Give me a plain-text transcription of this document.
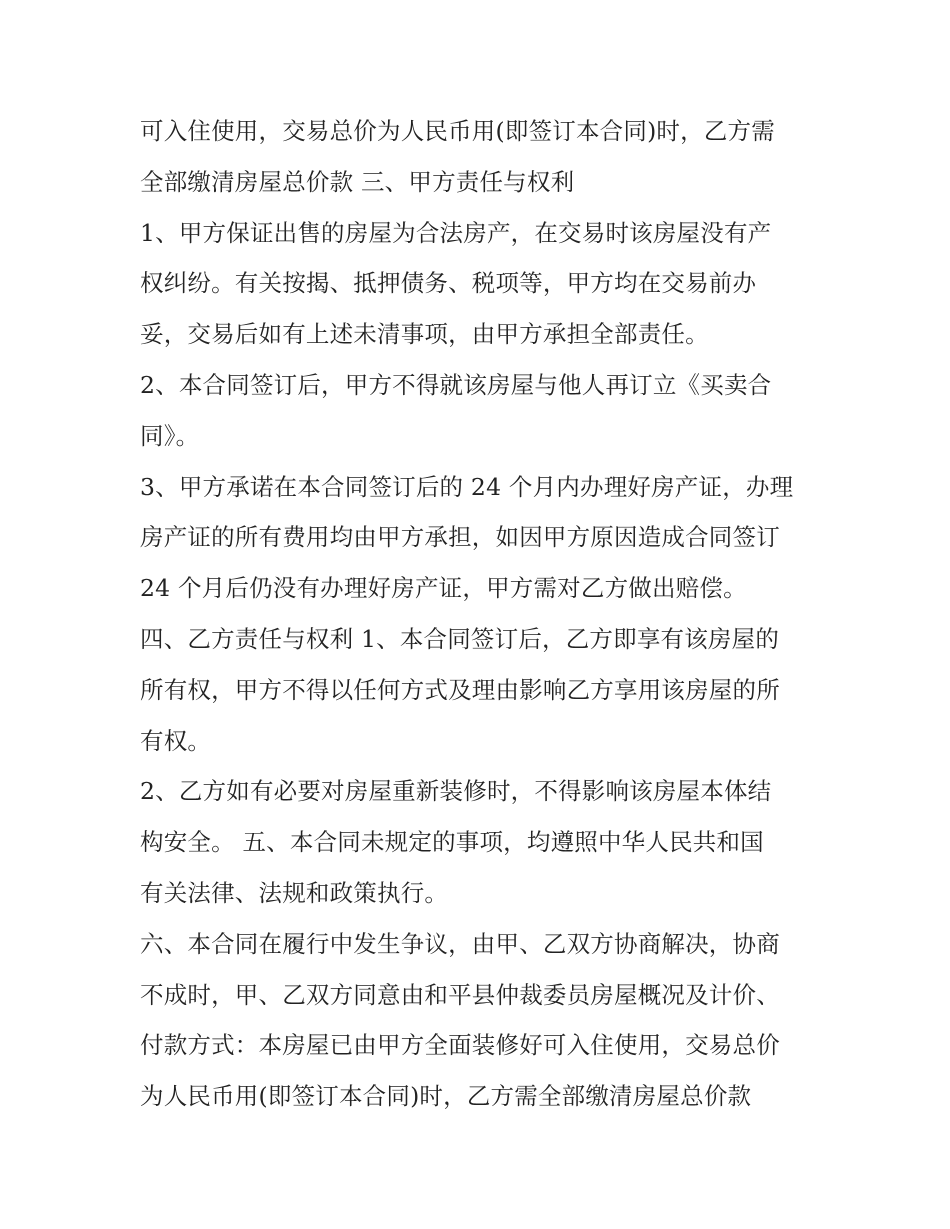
可入住使用，交易总价为人民币用(即签订本合同)时，乙方需
全部缴清房屋总价款 三、甲方责任与权利
1、甲方保证出售的房屋为合法房产，在交易时该房屋没有产
权纠纷。有关按揭、抵押债务、税项等，甲方均在交易前办
妥，交易后如有上述未清事项，由甲方承担全部责任。
2、本合同签订后，甲方不得就该房屋与他人再订立《买卖合
同》。
3、甲方承诺在本合同签订后的 24 个月内办理好房产证，办理
房产证的所有费用均由甲方承担，如因甲方原因造成合同签订
24 个月后仍没有办理好房产证，甲方需对乙方做出赔偿。
四、乙方责任与权利 1、本合同签订后，乙方即享有该房屋的
所有权，甲方不得以任何方式及理由影响乙方享用该房屋的所
有权。
2、乙方如有必要对房屋重新装修时，不得影响该房屋本体结
构安全。 五、本合同未规定的事项，均遵照中华人民共和国
有关法律、法规和政策执行。
六、本合同在履行中发生争议，由甲、乙双方协商解决，协商
不成时，甲、乙双方同意由和平县仲裁委员房屋概况及计价、
付款方式：本房屋已由甲方全面装修好可入住使用，交易总价
为人民币用(即签订本合同)时，乙方需全部缴清房屋总价款
